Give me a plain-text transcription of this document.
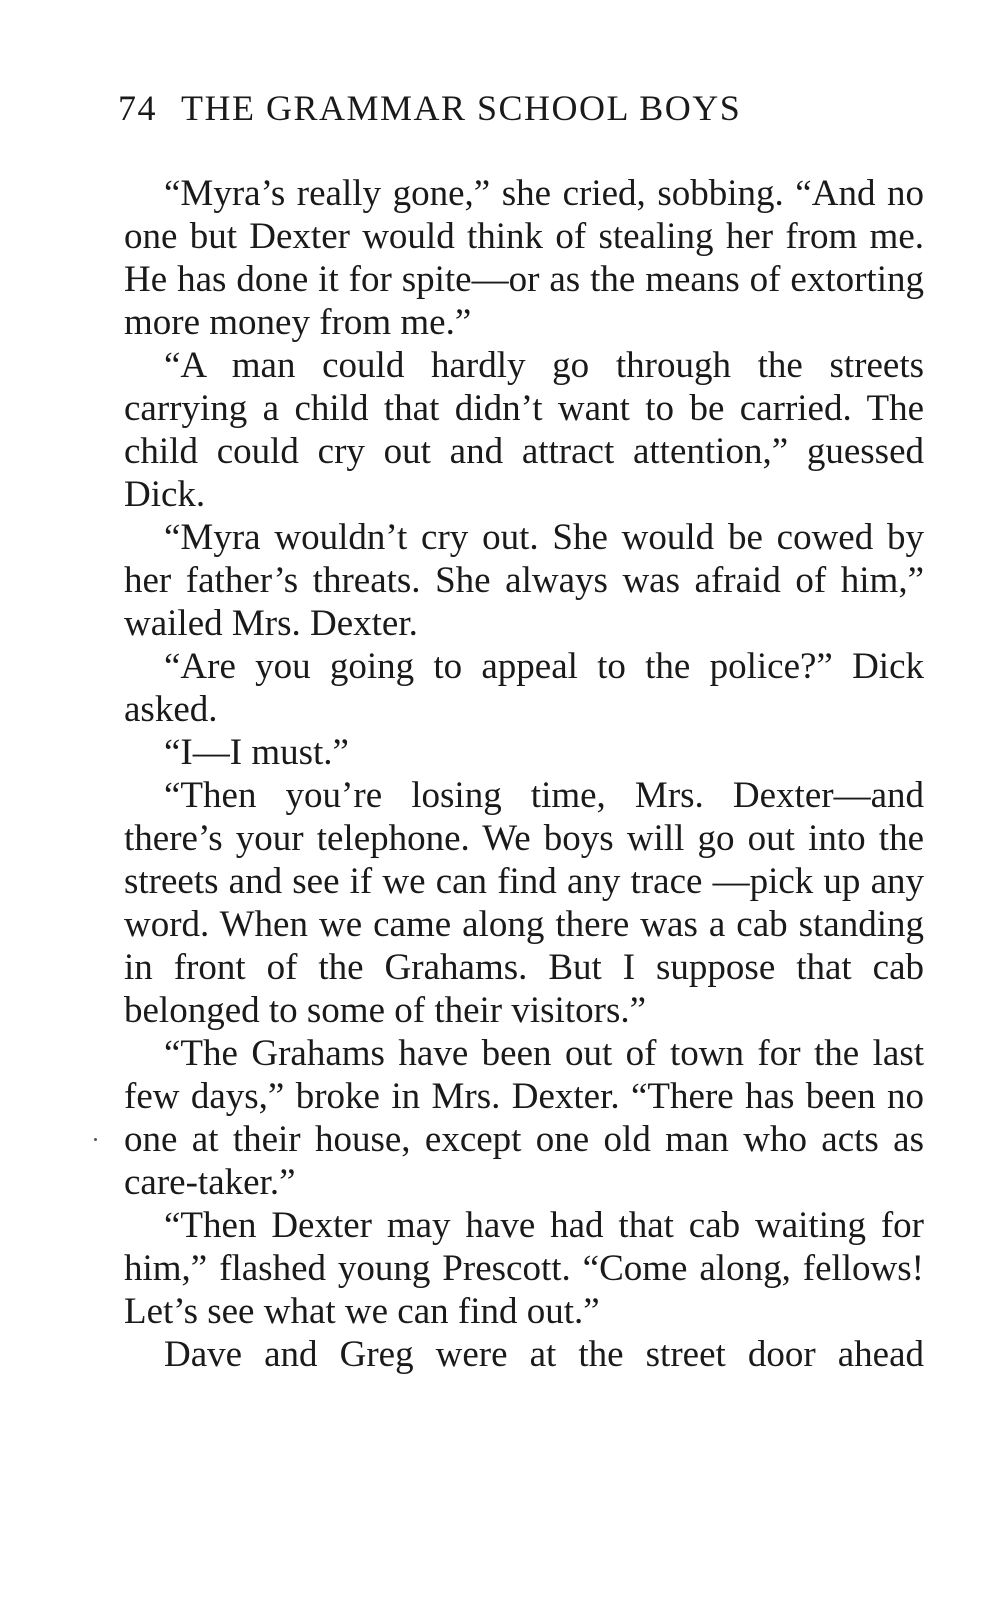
74 THE GRAMMAR SCHOOL BOYS

“Myra’s really gone,” she cried, sobbing. “And no one but Dexter would think of stealing her from me. He has done it for spite—or as the means of extorting more money from me.”

“A man could hardly go through the streets carrying a child that didn’t want to be carried. The child could cry out and attract attention,” guessed Dick.

“Myra wouldn’t cry out. She would be cowed by her father’s threats. She always was afraid of him,” wailed Mrs. Dexter.

“Are you going to appeal to the police?” Dick asked.

“I—I must.”

“Then you’re losing time, Mrs. Dexter—and there’s your telephone. We boys will go out into the streets and see if we can find any trace —pick up any word. When we came along there was a cab standing in front of the Grahams. But I suppose that cab belonged to some of their visitors.”

“The Grahams have been out of town for the last few days,” broke in Mrs. Dexter. “There has been no one at their house, except one old man who acts as care-taker.”

“Then Dexter may have had that cab waiting for him,” flashed young Prescott. “Come along, fellows! Let’s see what we can find out.”

Dave and Greg were at the street door ahead
